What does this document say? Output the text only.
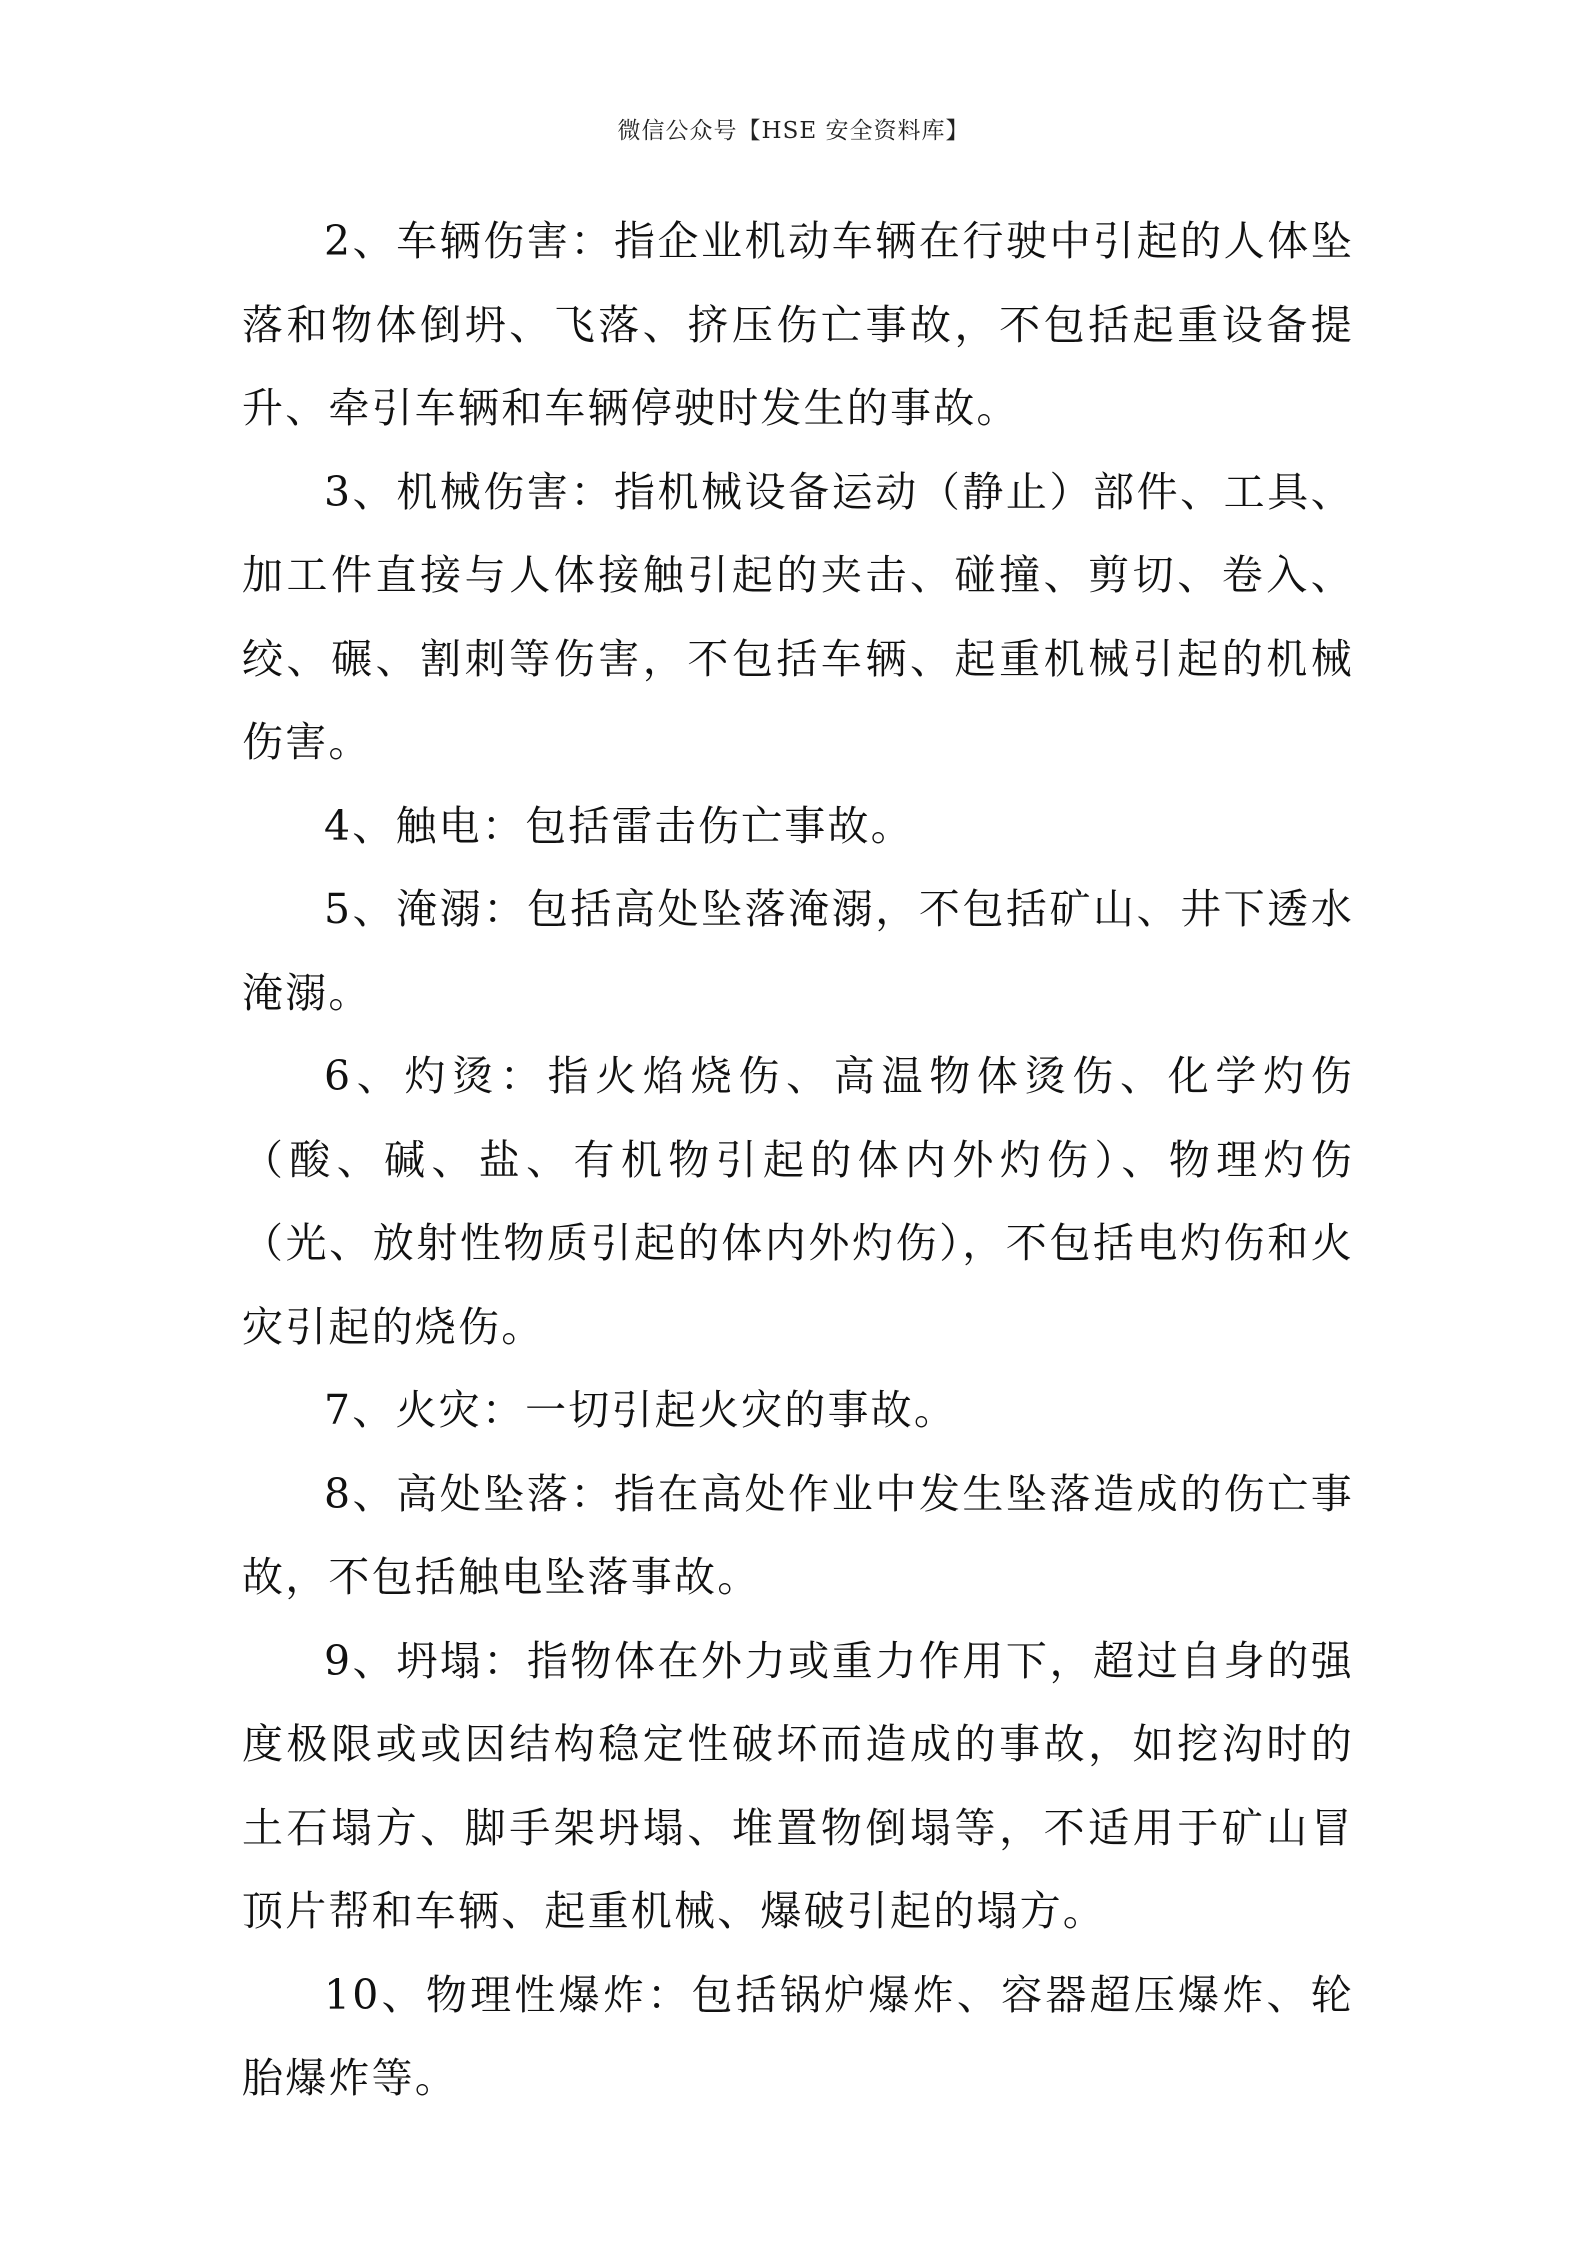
微信公众号【HSE 安全资料库】

2、车辆伤害：指企业机动车辆在行驶中引起的人体坠落和物体倒坍、飞落、挤压伤亡事故，不包括起重设备提升、牵引车辆和车辆停驶时发生的事故。

3、机械伤害：指机械设备运动（静止）部件、工具、加工件直接与人体接触引起的夹击、碰撞、剪切、卷入、绞、碾、割刺等伤害，不包括车辆、起重机械引起的机械伤害。

4、触电：包括雷击伤亡事故。

5、淹溺：包括高处坠落淹溺，不包括矿山、井下透水淹溺。

6、灼烫：指火焰烧伤、高温物体烫伤、化学灼伤（酸、碱、盐、有机物引起的体内外灼伤）、物理灼伤（光、放射性物质引起的体内外灼伤），不包括电灼伤和火灾引起的烧伤。

7、火灾：一切引起火灾的事故。

8、高处坠落：指在高处作业中发生坠落造成的伤亡事故，不包括触电坠落事故。

9、坍塌：指物体在外力或重力作用下，超过自身的强度极限或或因结构稳定性破坏而造成的事故，如挖沟时的土石塌方、脚手架坍塌、堆置物倒塌等，不适用于矿山冒顶片帮和车辆、起重机械、爆破引起的塌方。

10、物理性爆炸：包括锅炉爆炸、容器超压爆炸、轮胎爆炸等。
